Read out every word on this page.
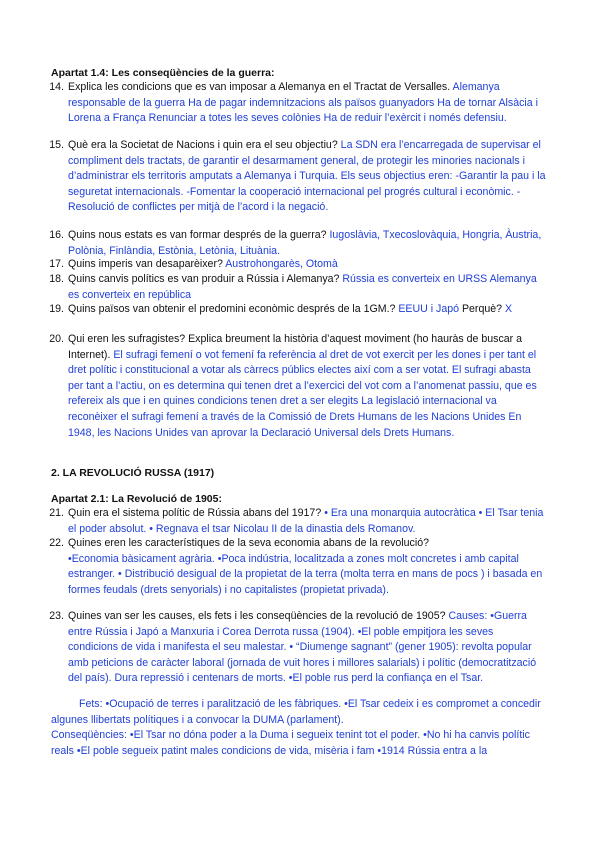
Apartat 1.4: Les conseqüències de la guerra:
14. Explica les condicions que es van imposar a Alemanya en el Tractat de Versalles. Alemanya responsable de la guerra Ha de pagar indemnitzacions als països guanyadors Ha de tornar Alsàcia i Lorena a França Renunciar a totes les seves colònies Ha de reduir l’exèrcit i només defensiu.
15. Què era la Societat de Nacions i quin era el seu objectiu? La SDN era l’encarregada de supervisar el compliment dels tractats, de garantir el desarmament general, de protegir les minories nacionals i d’administrar els territoris amputats a Alemanya i Turquia. Els seus objectius eren: -Garantir la pau i la seguretat internacionals. -Fomentar la cooperació internacional pel progrés cultural i econòmic. -Resolució de conflictes per mitjà de l’acord i la negació.
16. Quins nous estats es van formar després de la guerra? Iugoslàvia, Txecoslovàquia, Hongria, Àustria, Polònia, Finlàndia, Estònia, Letònia, Lituània.
17. Quins imperis van desaparèixer? Austrohongarès, Otomà
18. Quins canvis polítics es van produir a Rússia i Alemanya? Rússia es converteix en URSS Alemanya es converteix en república
19. Quins països van obtenir el predomini econòmic després de la 1GM.? EEUU i Japó Perquè? X
20. Qui eren les sufragistes? Explica breument la història d’aquest moviment (ho hauràs de buscar a Internet). El sufragi femení o vot femení fa referència al dret de vot exercit per les dones i per tant el dret polític i constitucional a votar als càrrecs públics electes així com a ser votat. El sufragi abasta per tant a l’actiu, on es determina qui tenen dret a l’exercici del vot com a l’anomenat passiu, que es refereix als que i en quines condicions tenen dret a ser elegits La legislació internacional va reconèixer el sufragi femení a través de la Comissió de Drets Humans de les Nacions Unides En 1948, les Nacions Unides van aprovar la Declaració Universal dels Drets Humans.
2. LA REVOLUCIÓ RUSSA (1917)
Apartat 2.1: La Revolució de 1905:
21. Quin era el sistema polític de Rússia abans del 1917? • Era una monarquia autocràtica • El Tsar tenia el poder absolut. • Regnava el tsar Nicolau II de la dinastia dels Romanov.
22. Quines eren les característiques de la seva economia abans de la revolució?
•Economia bàsicament agrària. •Poca indústria, localitzada a zones molt concretes i amb capital estranger. • Distribució desigual de la propietat de la terra (molta terra en mans de pocs ) i basada en formes feudals (drets senyorials) i no capitalistes (propietat privada).
23. Quines van ser les causes, els fets i les conseqüències de la revolució de 1905? Causes: •Guerra entre Rússia i Japó a Manxuria i Corea Derrota russa (1904). •El poble empitjora les seves condicions de vida i manifesta el seu malestar. • “Diumenge sagnant” (gener 1905): revolta popular amb peticions de caràcter laboral (jornada de vuit hores i millores salarials) i polític (democratització del país). Dura repressió i centenars de morts. •El poble rus perd la confiança en el Tsar.
Fets: •Ocupació de terres i paralització de les fàbriques. •El Tsar cedeix i es compromet a concedir algunes llibertats polítiques i a convocar la DUMA (parlament).
Conseqüències: •El Tsar no dóna poder a la Duma i segueix tenint tot el poder. •No hi ha canvis polític reals •El poble segueix patint males condicions de vida, misèria i fam •1914 Rússia entra a la
